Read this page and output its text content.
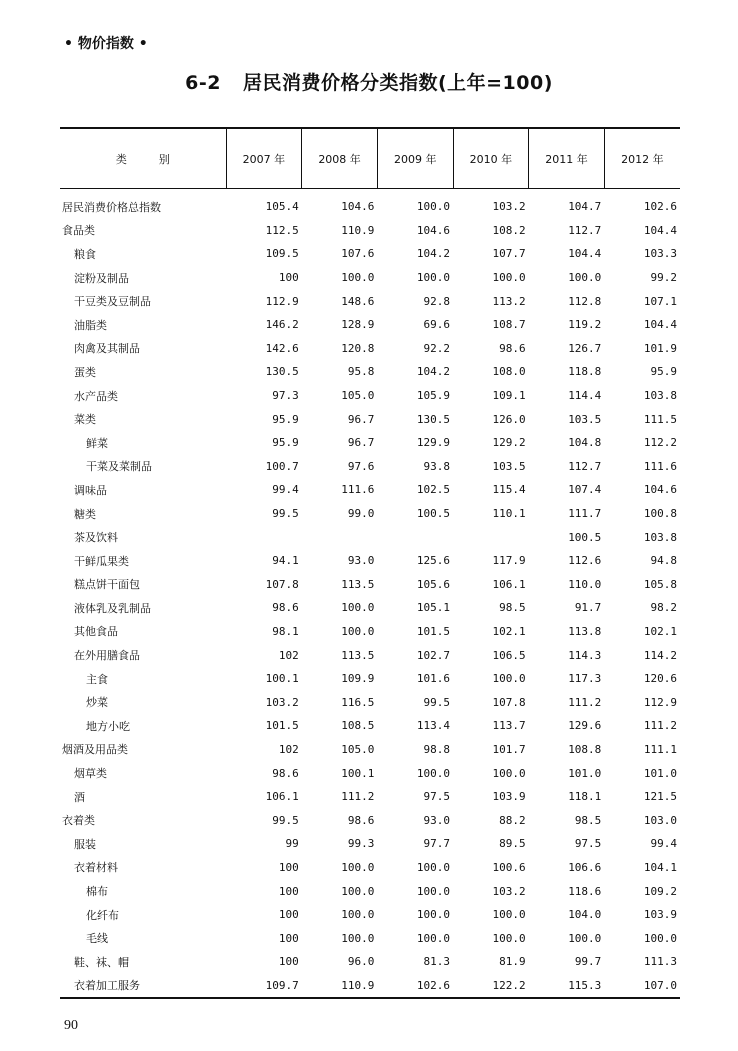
• 物价指数 •
6-2 居民消费价格分类指数(上年=100)
类 别	2007 年	2008 年	2009 年	2010 年	2011 年	2012 年
居民消费价格总指数	105.4	104.6	100.0	103.2	104.7	102.6
食品类	112.5	110.9	104.6	108.2	112.7	104.4
粮食	109.5	107.6	104.2	107.7	104.4	103.3
淀粉及制品	100	100.0	100.0	100.0	100.0	99.2
干豆类及豆制品	112.9	148.6	92.8	113.2	112.8	107.1
油脂类	146.2	128.9	69.6	108.7	119.2	104.4
肉禽及其制品	142.6	120.8	92.2	98.6	126.7	101.9
蛋类	130.5	95.8	104.2	108.0	118.8	95.9
水产品类	97.3	105.0	105.9	109.1	114.4	103.8
菜类	95.9	96.7	130.5	126.0	103.5	111.5
鲜菜	95.9	96.7	129.9	129.2	104.8	112.2
干菜及菜制品	100.7	97.6	93.8	103.5	112.7	111.6
调味品	99.4	111.6	102.5	115.4	107.4	104.6
糖类	99.5	99.0	100.5	110.1	111.7	100.8
茶及饮料					100.5	103.8
干鲜瓜果类	94.1	93.0	125.6	117.9	112.6	94.8
糕点饼干面包	107.8	113.5	105.6	106.1	110.0	105.8
液体乳及乳制品	98.6	100.0	105.1	98.5	91.7	98.2
其他食品	98.1	100.0	101.5	102.1	113.8	102.1
在外用膳食品	102	113.5	102.7	106.5	114.3	114.2
主食	100.1	109.9	101.6	100.0	117.3	120.6
炒菜	103.2	116.5	99.5	107.8	111.2	112.9
地方小吃	101.5	108.5	113.4	113.7	129.6	111.2
烟酒及用品类	102	105.0	98.8	101.7	108.8	111.1
烟草类	98.6	100.1	100.0	100.0	101.0	101.0
酒	106.1	111.2	97.5	103.9	118.1	121.5
衣着类	99.5	98.6	93.0	88.2	98.5	103.0
服装	99	99.3	97.7	89.5	97.5	99.4
衣着材料	100	100.0	100.0	100.6	106.6	104.1
棉布	100	100.0	100.0	103.2	118.6	109.2
化纤布	100	100.0	100.0	100.0	104.0	103.9
毛线	100	100.0	100.0	100.0	100.0	100.0
鞋、袜、帽	100	96.0	81.3	81.9	99.7	111.3
衣着加工服务	109.7	110.9	102.6	122.2	115.3	107.0
90
